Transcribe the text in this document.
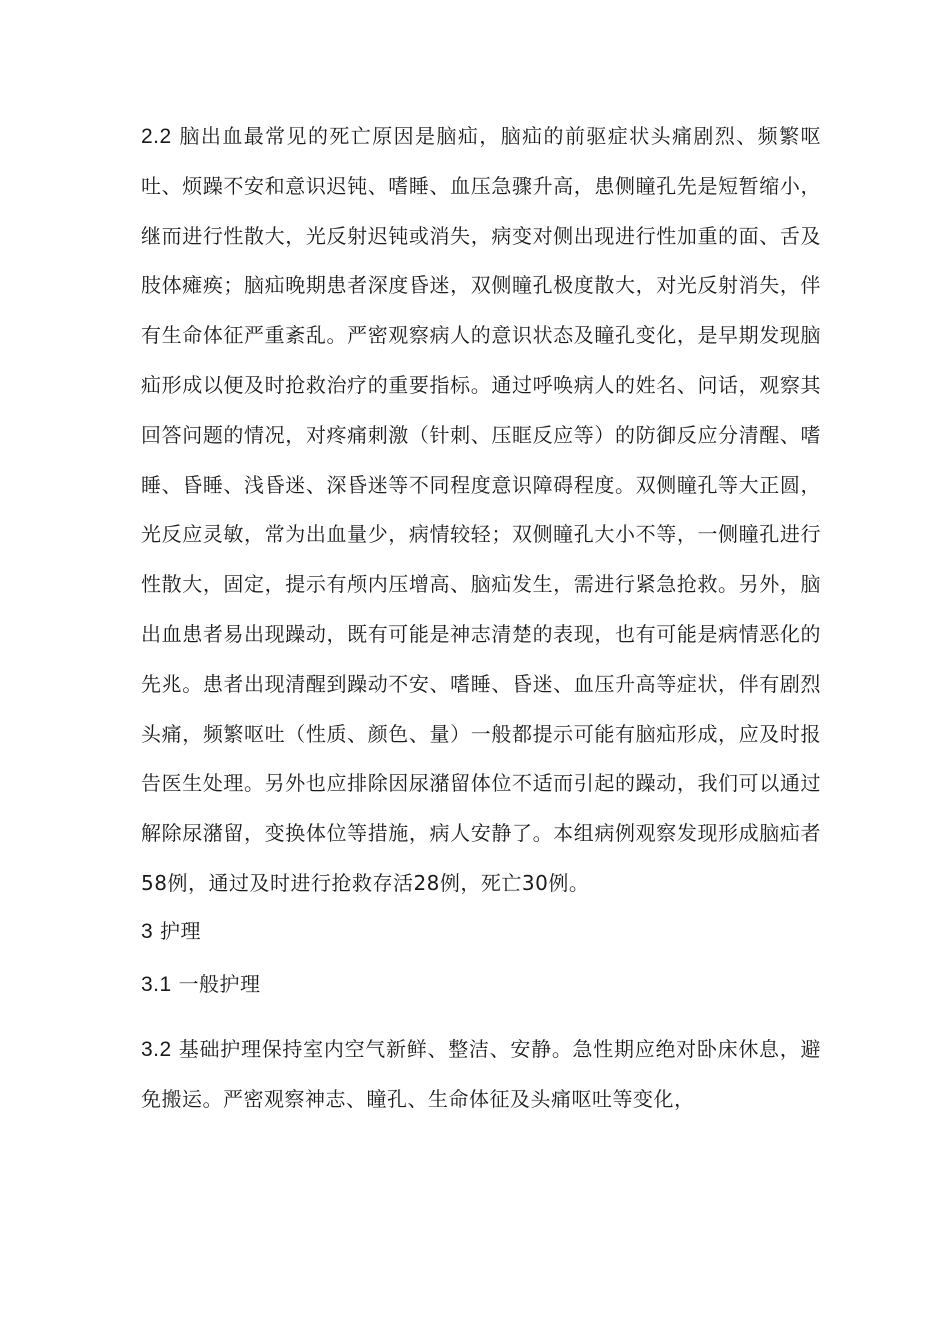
2.2 脑出血最常见的死亡原因是脑疝，脑疝的前驱症状头痛剧烈、频繁呕吐、烦躁不安和意识迟钝、嗜睡、血压急骤升高，患侧瞳孔先是短暂缩小，继而进行性散大，光反射迟钝或消失，病变对侧出现进行性加重的面、舌及肢体瘫痪；脑疝晚期患者深度昏迷，双侧瞳孔极度散大，对光反射消失，伴有生命体征严重紊乱。严密观察病人的意识状态及瞳孔变化，是早期发现脑疝形成以便及时抢救治疗的重要指标。通过呼唤病人的姓名、问话，观察其回答问题的情况，对疼痛刺激（针刺、压眶反应等）的防御反应分清醒、嗜睡、昏睡、浅昏迷、深昏迷等不同程度意识障碍程度。双侧瞳孔等大正圆，光反应灵敏，常为出血量少，病情较轻；双侧瞳孔大小不等，一侧瞳孔进行性散大，固定，提示有颅内压增高、脑疝发生，需进行紧急抢救。另外，脑出血患者易出现躁动，既有可能是神志清楚的表现，也有可能是病情恶化的先兆。患者出现清醒到躁动不安、嗜睡、昏迷、血压升高等症状，伴有剧烈头痛，频繁呕吐（性质、颜色、量）一般都提示可能有脑疝形成，应及时报告医生处理。另外也应排除因尿潴留体位不适而引起的躁动，我们可以通过解除尿潴留，变换体位等措施，病人安静了。本组病例观察发现形成脑疝者58例，通过及时进行抢救存活28例，死亡30例。

3 护理

3.1 一般护理

3.2 基础护理保持室内空气新鲜、整洁、安静。急性期应绝对卧床休息，避免搬运。严密观察神志、瞳孔、生命体征及头痛呕吐等变化，
